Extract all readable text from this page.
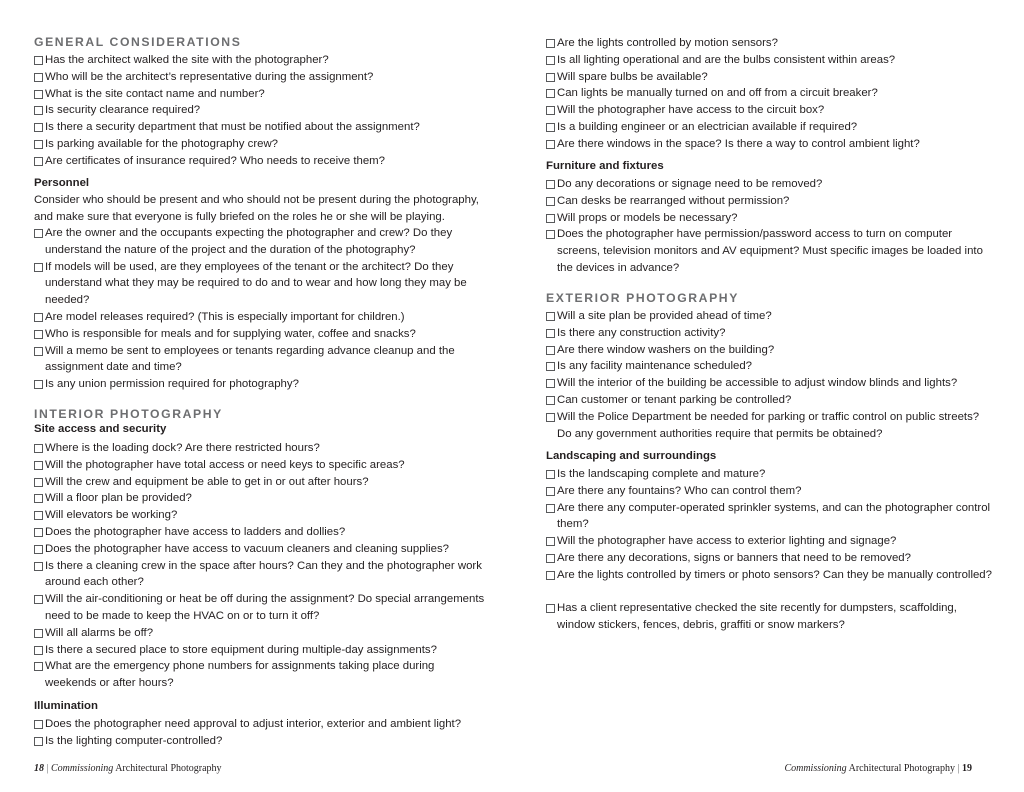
GENERAL CONSIDERATIONS
Has the architect walked the site with the photographer?
Who will be the architect’s representative during the assignment?
What is the site contact name and number?
Is security clearance required?
Is there a security department that must be notified about the assignment?
Is parking available for the photography crew?
Are certificates of insurance required? Who needs to receive them?
Personnel
Consider who should be present and who should not be present during the photography, and make sure that everyone is fully briefed on the roles he or she will be playing.
Are the owner and the occupants expecting the photographer and crew? Do they understand the nature of the project and the duration of the photography?
If models will be used, are they employees of the tenant or the architect? Do they understand what they may be required to do and to wear and how long they may be needed?
Are model releases required? (This is especially important for children.)
Who is responsible for meals and for supplying water, coffee and snacks?
Will a memo be sent to employees or tenants regarding advance cleanup and the assignment date and time?
Is any union permission required for photography?
INTERIOR PHOTOGRAPHY
Site access and security
Where is the loading dock? Are there restricted hours?
Will the photographer have total access or need keys to specific areas?
Will the crew and equipment be able to get in or out after hours?
Will a floor plan be provided?
Will elevators be working?
Does the photographer have access to ladders and dollies?
Does the photographer have access to vacuum cleaners and cleaning supplies?
Is there a cleaning crew in the space after hours? Can they and the photographer work around each other?
Will the air-conditioning or heat be off during the assignment? Do special arrangements need to be made to keep the HVAC on or to turn it off?
Will all alarms be off?
Is there a secured place to store equipment during multiple-day assignments?
What are the emergency phone numbers for assignments taking place during weekends or after hours?
Illumination
Does the photographer need approval to adjust interior, exterior and ambient light?
Is the lighting computer-controlled?
18 | Commissioning Architectural Photography
Are the lights controlled by motion sensors?
Is all lighting operational and are the bulbs consistent within areas?
Will spare bulbs be available?
Can lights be manually turned on and off from a circuit breaker?
Will the photographer have access to the circuit box?
Is a building engineer or an electrician available if required?
Are there windows in the space? Is there a way to control ambient light?
Furniture and fixtures
Do any decorations or signage need to be removed?
Can desks be rearranged without permission?
Will props or models be necessary?
Does the photographer have permission/password access to turn on computer screens, television monitors and AV equipment? Must specific images be loaded into the devices in advance?
EXTERIOR PHOTOGRAPHY
Will a site plan be provided ahead of time?
Is there any construction activity?
Are there window washers on the building?
Is any facility maintenance scheduled?
Will the interior of the building be accessible to adjust window blinds and lights?
Can customer or tenant parking be controlled?
Will the Police Department be needed for parking or traffic control on public streets? Do any government authorities require that permits be obtained?
Landscaping and surroundings
Is the landscaping complete and mature?
Are there any fountains? Who can control them?
Are there any computer-operated sprinkler systems, and can the photographer control them?
Will the photographer have access to exterior lighting and signage?
Are there any decorations, signs or banners that need to be removed?
Are the lights controlled by timers or photo sensors? Can they be manually controlled?
Has a client representative checked the site recently for dumpsters, scaffolding, window stickers, fences, debris, graffiti or snow markers?
Commissioning Architectural Photography | 19
